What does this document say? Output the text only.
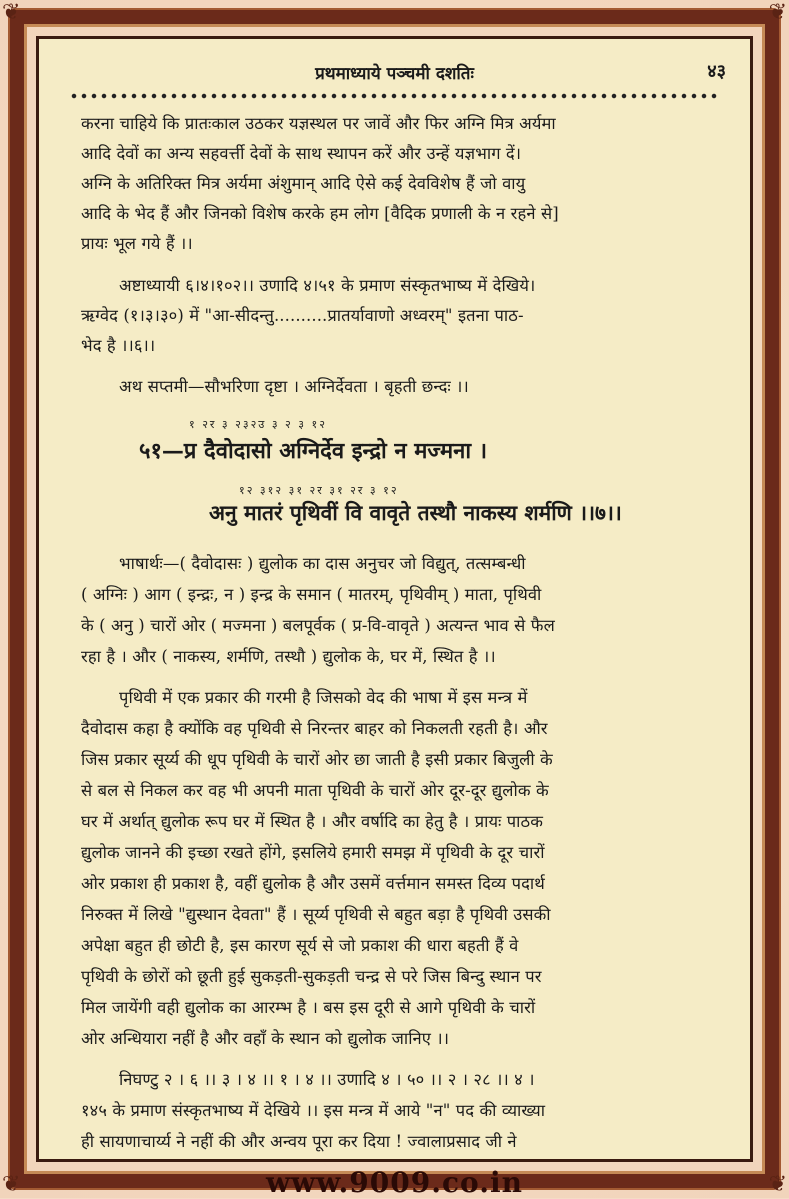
❦	❦
❦	❦
प्रथमाध्याये पञ्चमी दशतिः	४३
करना चाहिये कि प्रातःकाल उठकर यज्ञस्थल पर जावें और फिर अग्नि मित्र अर्यमा
आदि देवों का अन्य सहवर्त्ती देवों के साथ स्थापन करें और उन्हें यज्ञभाग दें।
अग्नि के अतिरिक्त मित्र अर्यमा अंशुमान् आदि ऐसे कई देवविशेष हैं जो वायु
आदि के भेद हैं और जिनको विशेष करके हम लोग [वैदिक प्रणाली के न रहने से]
प्रायः भूल गये हैं ।।
अष्टाध्यायी ६।४।१०२।। उणादि ४।५१ के प्रमाण संस्कृतभाष्य में देखिये।
ऋग्वेद (१।३।३०) में "आ-सीदन्तु..........प्रातर्यावाणो अध्वरम्" इतना पाठ-
भेद है ।।६।।
अथ सप्तमी—सौभरिणा दृष्टा । अग्निर्देवता । बृहती छन्दः ।।
१ २र ३ २३२उ ३ २ ३ १२
५१—प्र दैवोदासो अग्निर्देव इन्द्रो न मज्मना ।
१२ ३१२ ३१ २र ३१ २र ३ १२
अनु मातरं पृथिवीं वि वावृते तस्थौ नाकस्य शर्मणि ।।७।।
भाषार्थः—( दैवोदासः ) द्युलोक का दास अनुचर जो विद्युत्, तत्सम्बन्धी
( अग्निः ) आग ( इन्द्रः, न ) इन्द्र के समान ( मातरम्, पृथिवीम् ) माता, पृथिवी
के ( अनु ) चारों ओर ( मज्मना ) बलपूर्वक ( प्र-वि-वावृते ) अत्यन्त भाव से फैल
रहा है । और ( नाकस्य, शर्मणि, तस्थौ ) द्युलोक के, घर में, स्थित है ।।
पृथिवी में एक प्रकार की गरमी है जिसको वेद की भाषा में इस मन्त्र में
दैवोदास कहा है क्योंकि वह पृथिवी से निरन्तर बाहर को निकलती रहती है। और
जिस प्रकार सूर्य्य की धूप पृथिवी के चारों ओर छा जाती है इसी प्रकार बिजुली के
से बल से निकल कर वह भी अपनी माता पृथिवी के चारों ओर दूर-दूर द्युलोक के
घर में अर्थात् द्युलोक रूप घर में स्थित है । और वर्षादि का हेतु है । प्रायः पाठक
द्युलोक जानने की इच्छा रखते होंगे, इसलिये हमारी समझ में पृथिवी के दूर चारों
ओर प्रकाश ही प्रकाश है, वहीं द्युलोक है और उसमें वर्त्तमान समस्त दिव्य पदार्थ
निरुक्त में लिखे "द्युस्थान देवता" हैं । सूर्य्य पृथिवी से बहुत बड़ा है पृथिवी उसकी
अपेक्षा बहुत ही छोटी है, इस कारण सूर्य से जो प्रकाश की धारा बहती हैं वे
पृथिवी के छोरों को छूती हुई सुकड़ती-सुकड़ती चन्द्र से परे जिस बिन्दु स्थान पर
मिल जायेंगी वही द्युलोक का आरम्भ है । बस इस दूरी से आगे पृथिवी के चारों
ओर अन्धियारा नहीं है और वहाँ के स्थान को द्युलोक जानिए ।।
निघण्टु २ । ६ ।। ३ । ४ ।। १ । ४ ।। उणादि ४ । ५० ।। २ । २८ ।। ४ ।
१४५ के प्रमाण संस्कृतभाष्य में देखिये ।। इस मन्त्र में आये "न" पद की व्याख्या
ही सायणाचार्य्य ने नहीं की और अन्वय पूरा कर दिया ! ज्वालाप्रसाद जी ने
www.9009.co.in
